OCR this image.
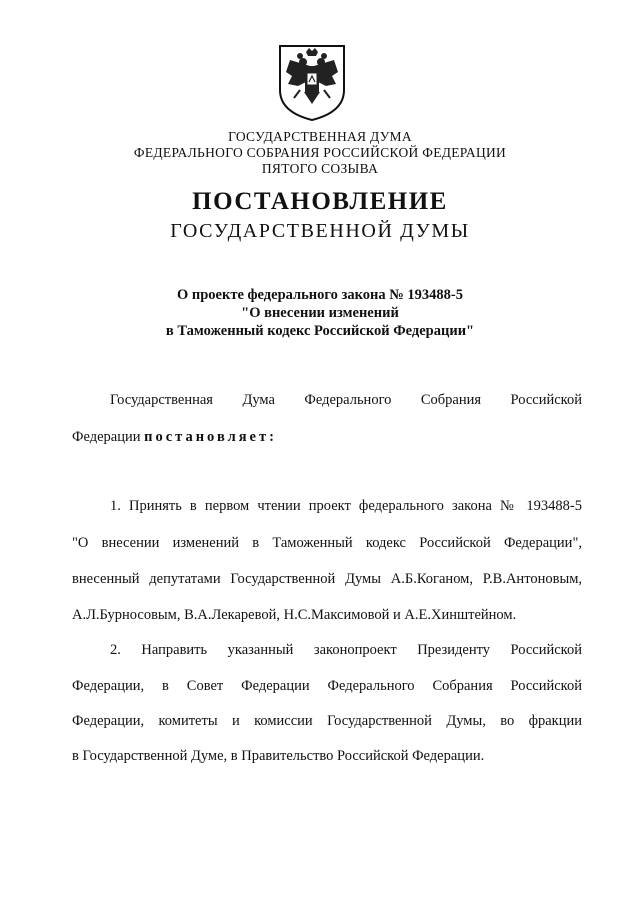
ГОСУДАРСТВЕННАЯ ДУМА
ФЕДЕРАЛЬНОГО СОБРАНИЯ РОССИЙСКОЙ ФЕДЕРАЦИИ
ПЯТОГО СОЗЫВА
ПОСТАНОВЛЕНИЕ
ГОСУДАРСТВЕННОЙ ДУМЫ
О проекте федерального закона № 193488-5
"О внесении изменений
в Таможенный кодекс Российской Федерации"
Государственная Дума Федерального Собрания Российской
Федерации постановляет:
1. Принять в первом чтении проект федерального закона № 193488-5
"О внесении изменений в Таможенный кодекс Российской Федерации",
внесенный депутатами Государственной Думы А.Б.Коганом, Р.В.Антоновым,
А.Л.Бурносовым, В.А.Лекаревой, Н.С.Максимовой и А.Е.Хинштейном.
2. Направить указанный законопроект Президенту Российской
Федерации, в Совет Федерации Федерального Собрания Российской
Федерации, комитеты и комиссии Государственной Думы, во фракции
в Государственной Думе, в Правительство Российской Федерации.
